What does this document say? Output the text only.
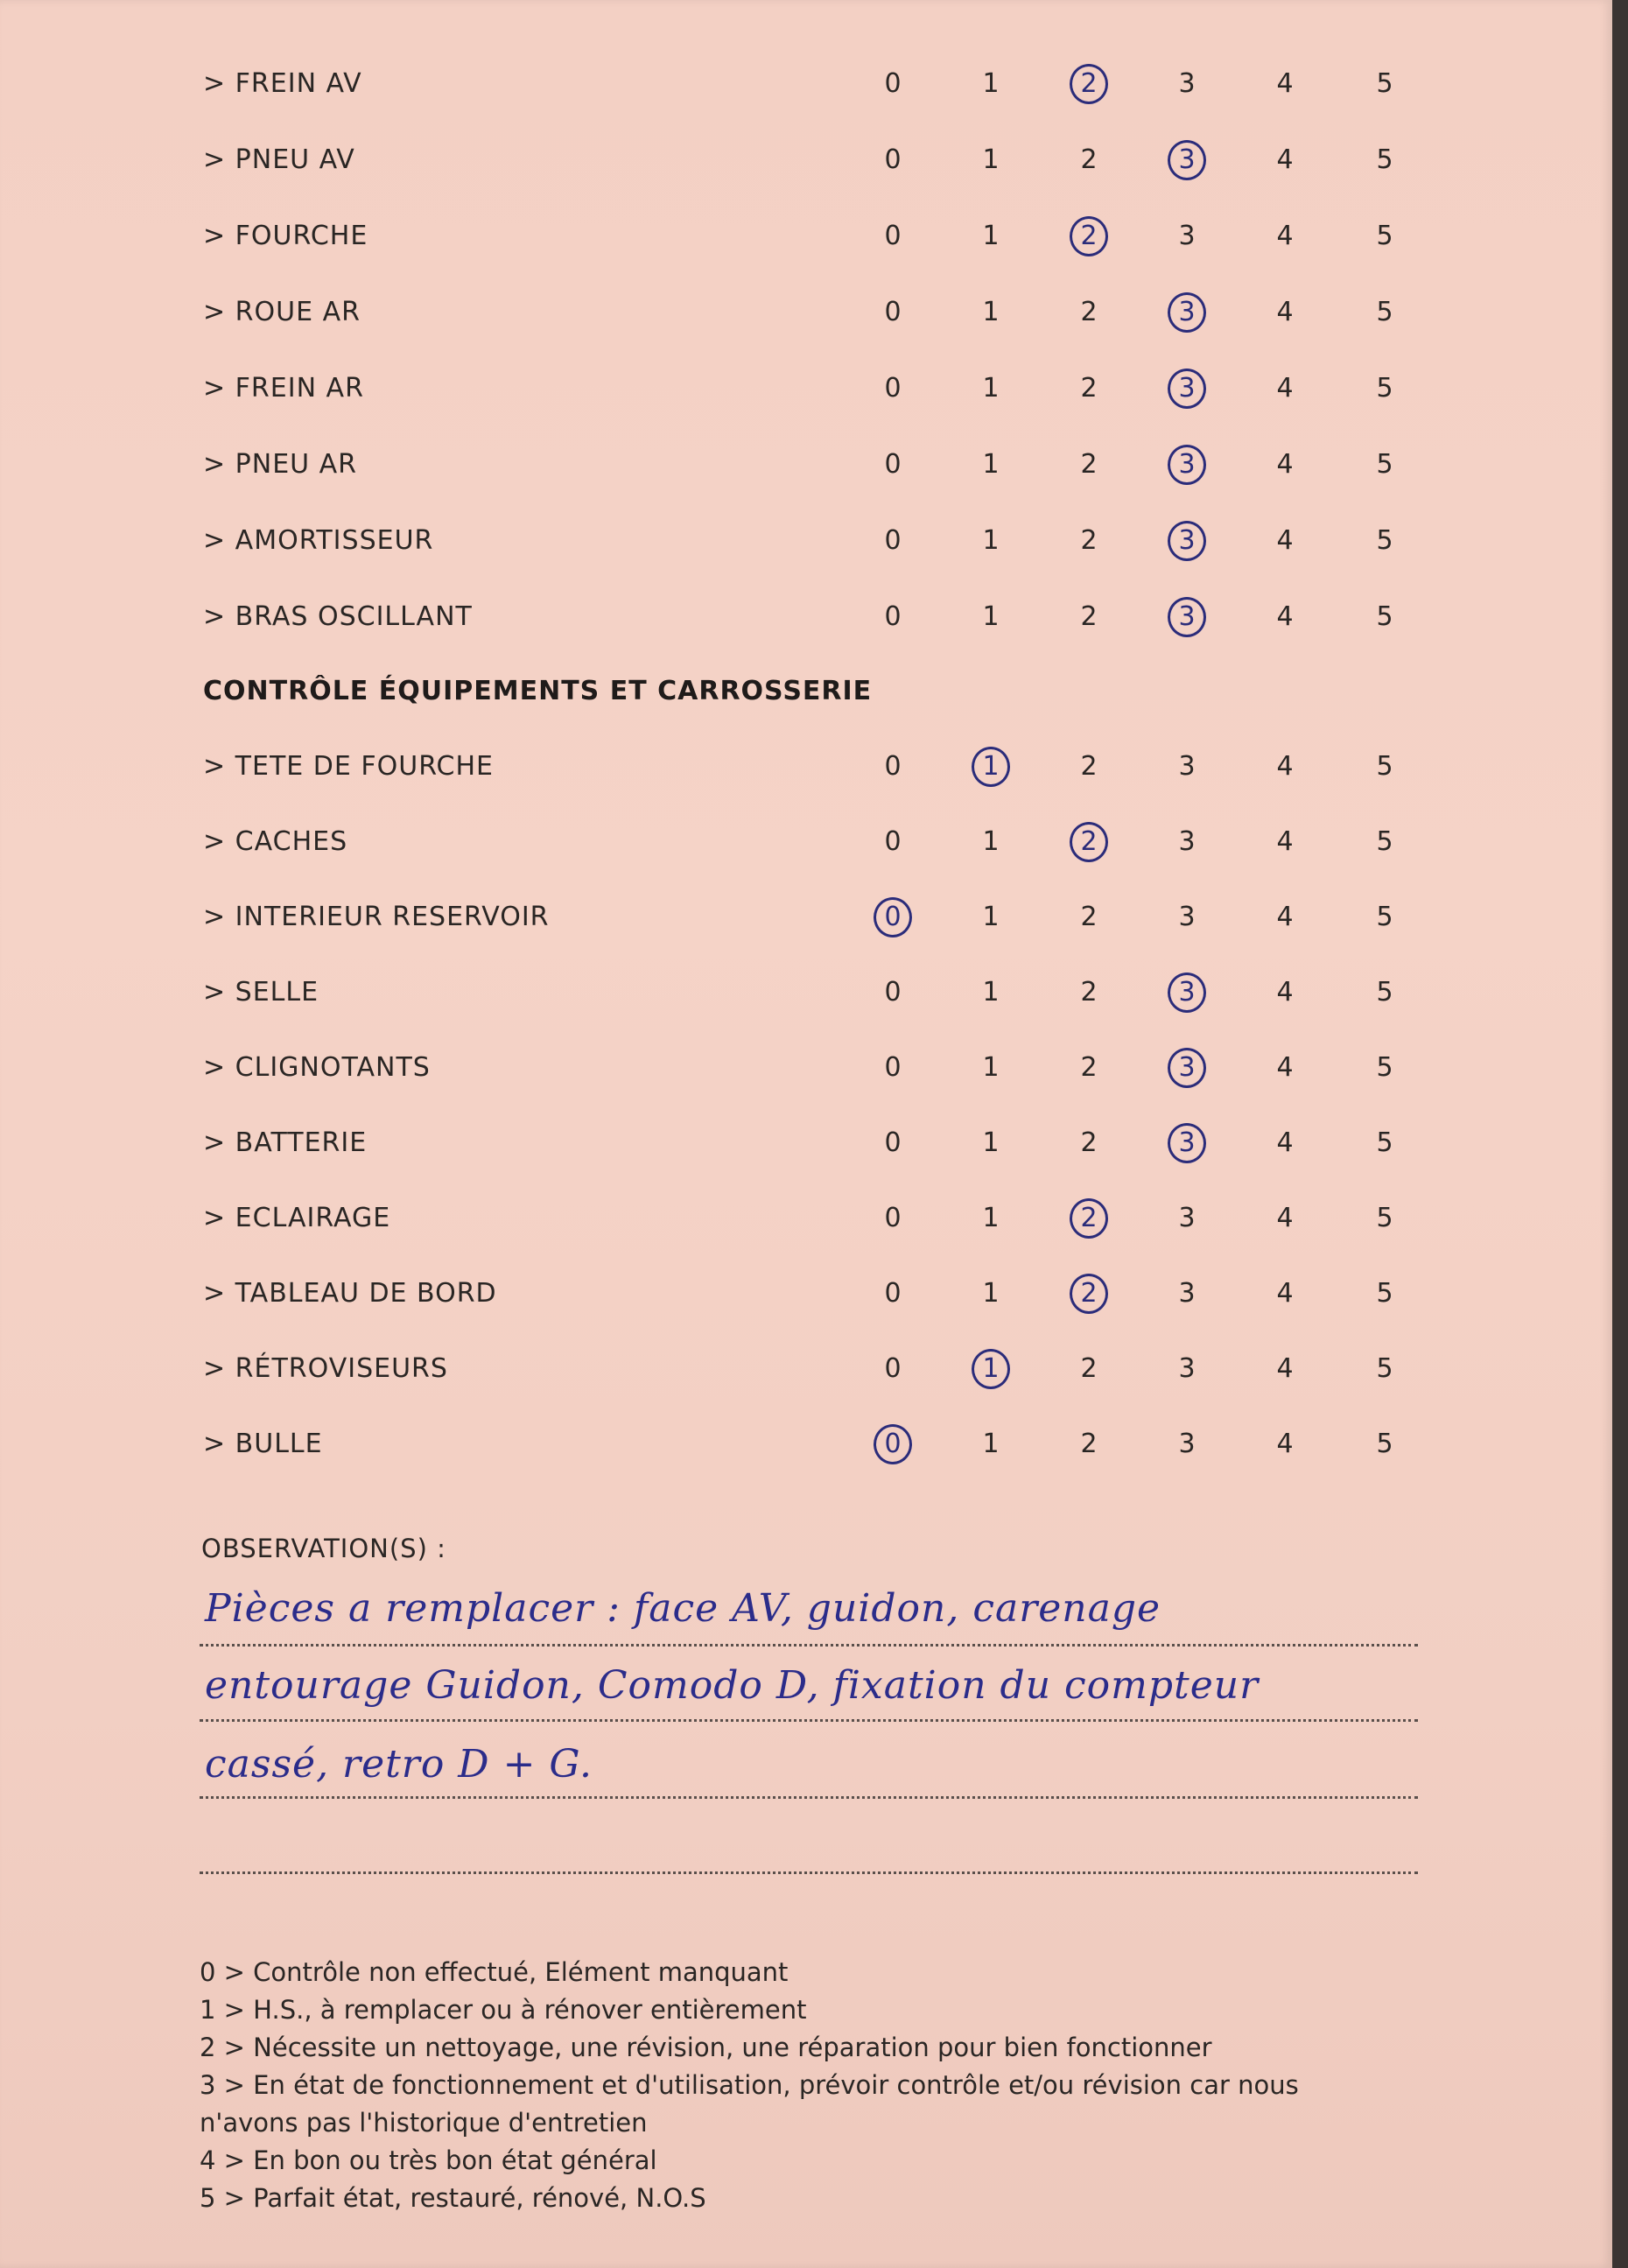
> FREIN AV	0	1	2	3	4	5
> PNEU AV	0	1	2	3	4	5
> FOURCHE	0	1	2	3	4	5
> ROUE AR	0	1	2	3	4	5
> FREIN AR	0	1	2	3	4	5
> PNEU AR	0	1	2	3	4	5
> AMORTISSEUR	0	1	2	3	4	5
> BRAS OSCILLANT	0	1	2	3	4	5
CONTRÔLE ÉQUIPEMENTS ET CARROSSERIE
> TETE DE FOURCHE	0	1	2	3	4	5
> CACHES	0	1	2	3	4	5
> INTERIEUR RESERVOIR	0	1	2	3	4	5
> SELLE	0	1	2	3	4	5
> CLIGNOTANTS	0	1	2	3	4	5
> BATTERIE	0	1	2	3	4	5
> ECLAIRAGE	0	1	2	3	4	5
> TABLEAU DE BORD	0	1	2	3	4	5
> RÉTROVISEURS	0	1	2	3	4	5
> BULLE	0	1	2	3	4	5
OBSERVATION(S) :
Pièces a remplacer : face AV, guidon, carenage
entourage Guidon, Comodo D, fixation du compteur
cassé, retro D + G.
0 > Contrôle non effectué, Elément manquant
1 > H.S., à remplacer ou à rénover entièrement
2 > Nécessite un nettoyage, une révision, une réparation pour bien fonctionner
3 > En état de fonctionnement et d'utilisation, prévoir contrôle et/ou révision car nous
n'avons pas l'historique d'entretien
4 > En bon ou très bon état général
5 > Parfait état, restauré, rénové, N.O.S
